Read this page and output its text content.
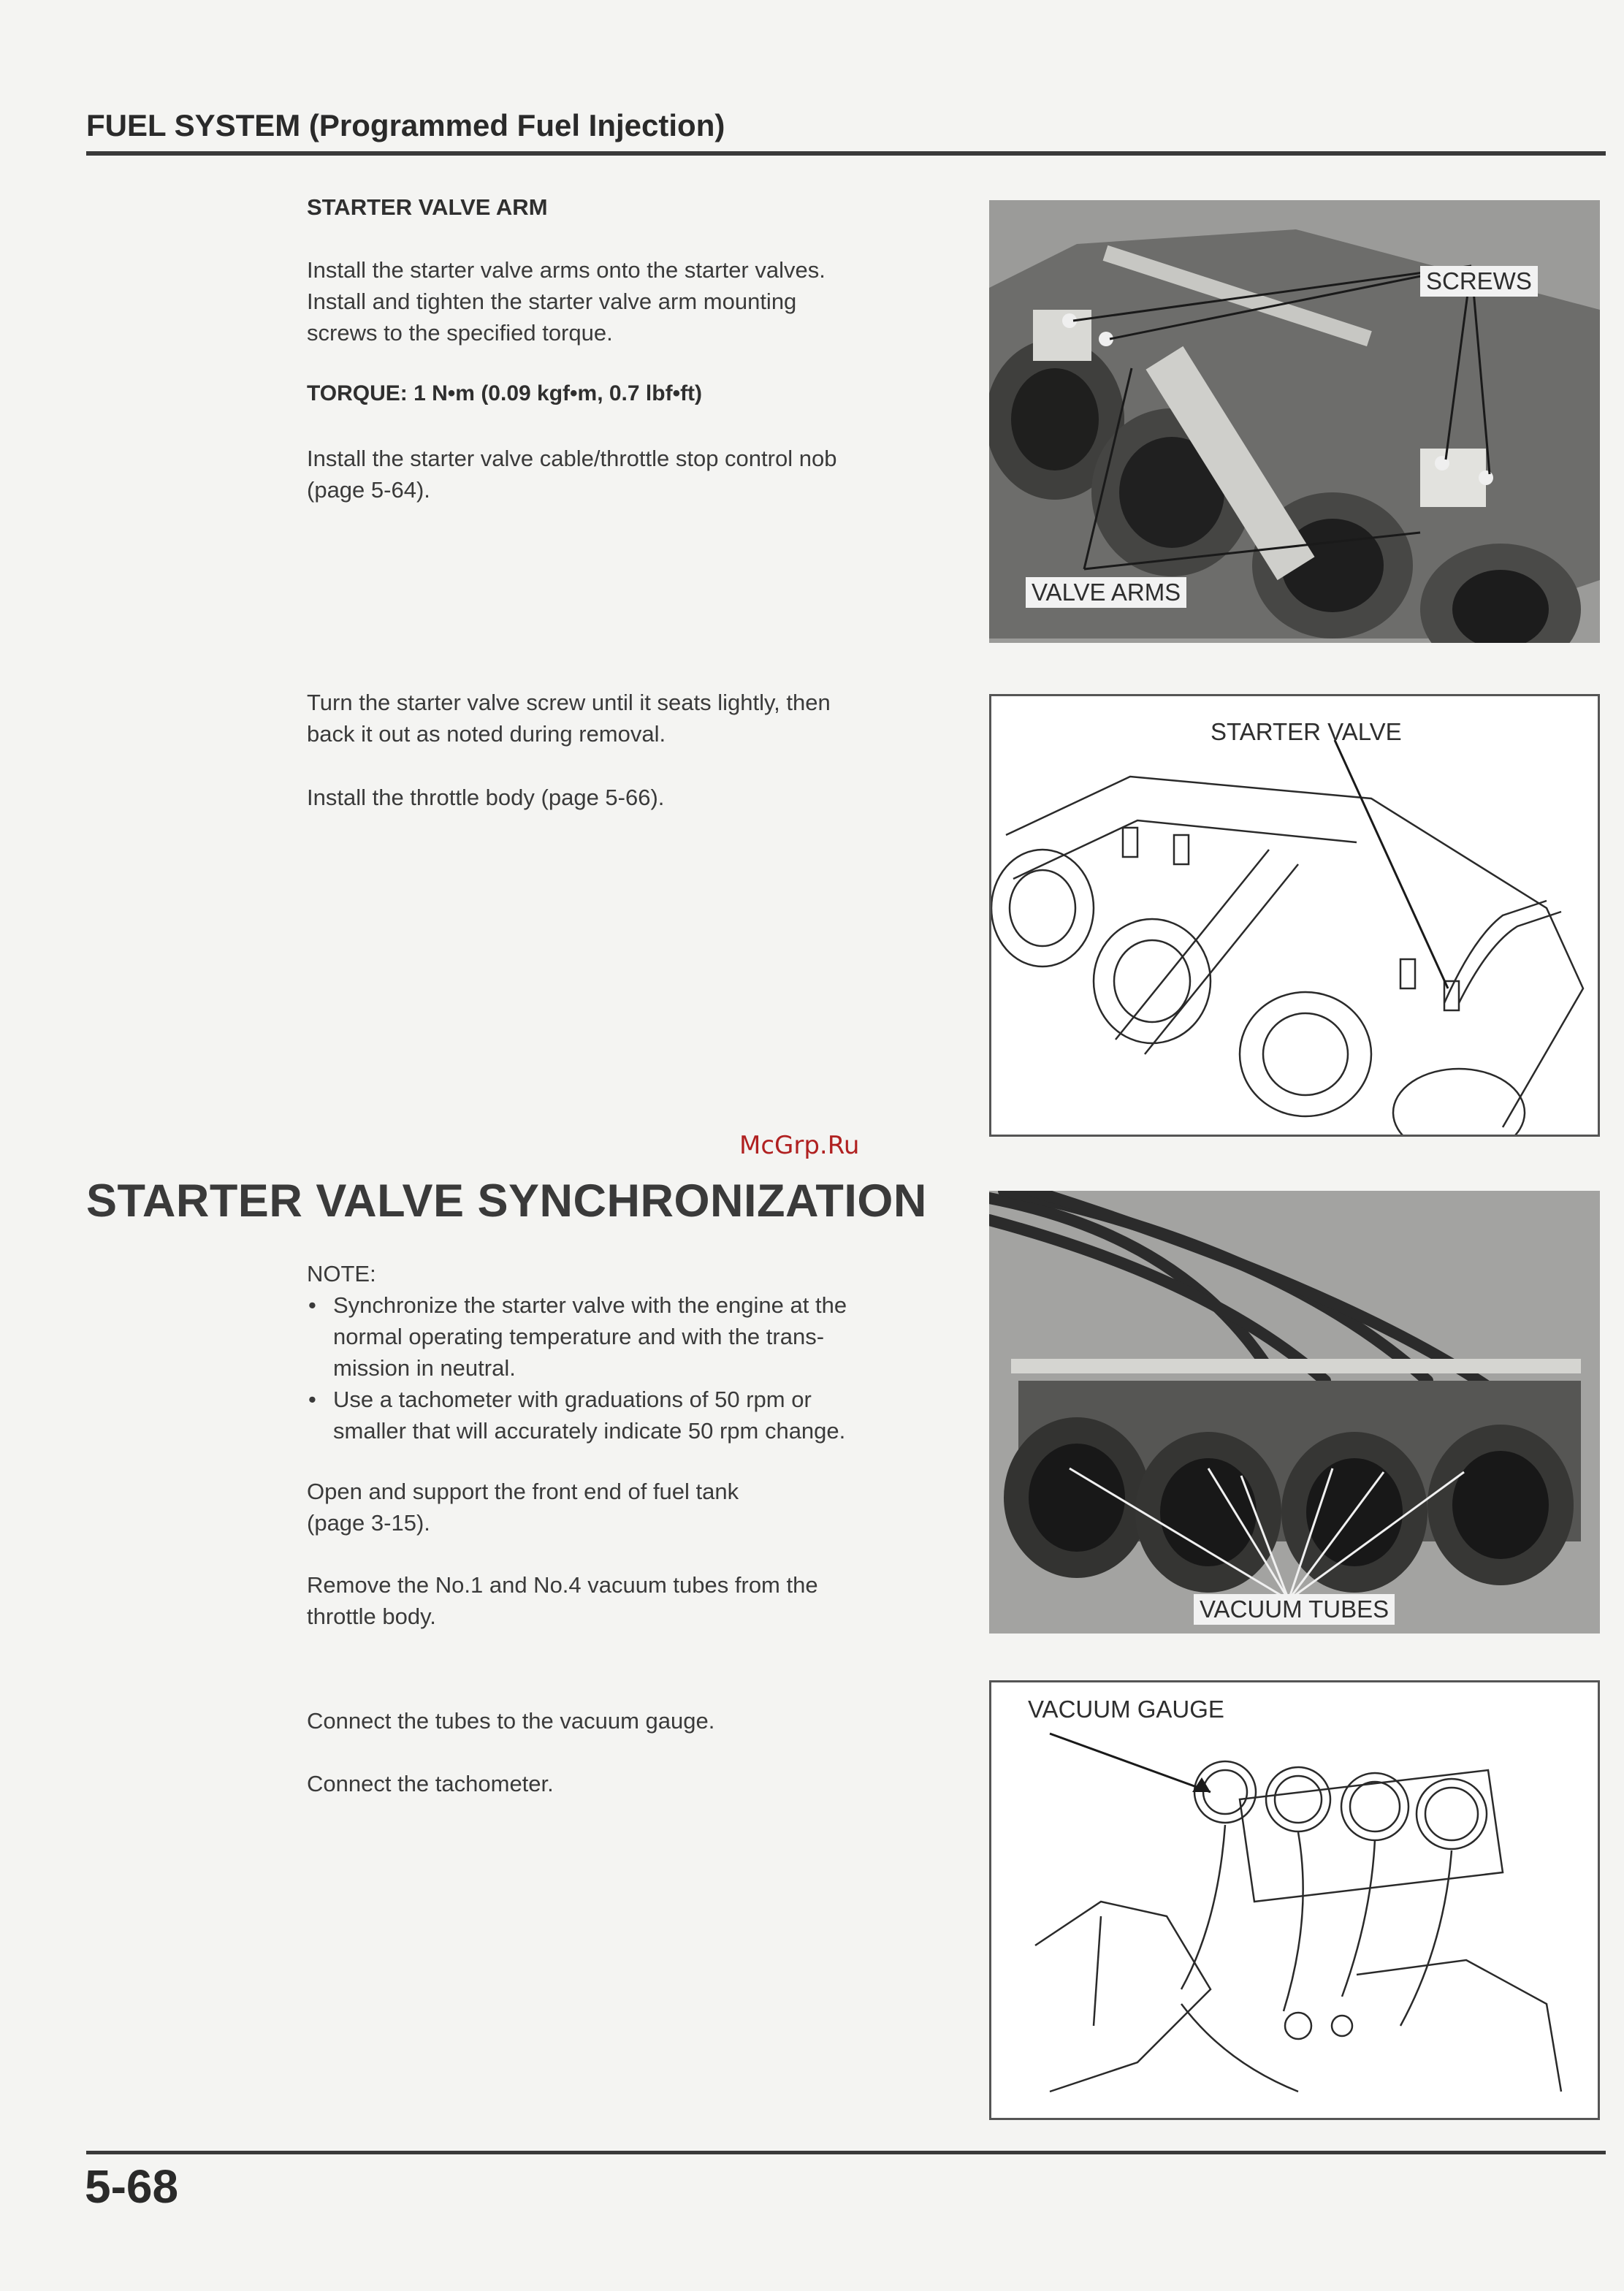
FUEL SYSTEM (Programmed Fuel Injection)
STARTER VALVE ARM
Install the starter valve arms onto the starter valves.
Install and tighten the starter valve arm mounting
screws to the specified torque.
TORQUE: 1 N•m (0.09 kgf•m, 0.7 lbf•ft)
Install the starter valve cable/throttle stop control nob
(page 5-64).
Turn the starter valve screw until it seats lightly, then
back it out as noted during removal.
Install the throttle body (page 5-66).
SCREWS
VALVE ARMS
STARTER VALVE
McGrp.Ru
STARTER VALVE SYNCHRONIZATION
NOTE:
• Synchronize the starter valve with the engine at the
normal operating temperature and with the trans-
mission in neutral.
• Use a tachometer with graduations of 50 rpm or
smaller that will accurately indicate 50 rpm change.
Open and support the front end of fuel tank
(page 3-15).
Remove the No.1 and No.4 vacuum tubes from the
throttle body.
Connect the tubes to the vacuum gauge.
Connect the tachometer.
VACUUM TUBES
VACUUM GAUGE
5-68
